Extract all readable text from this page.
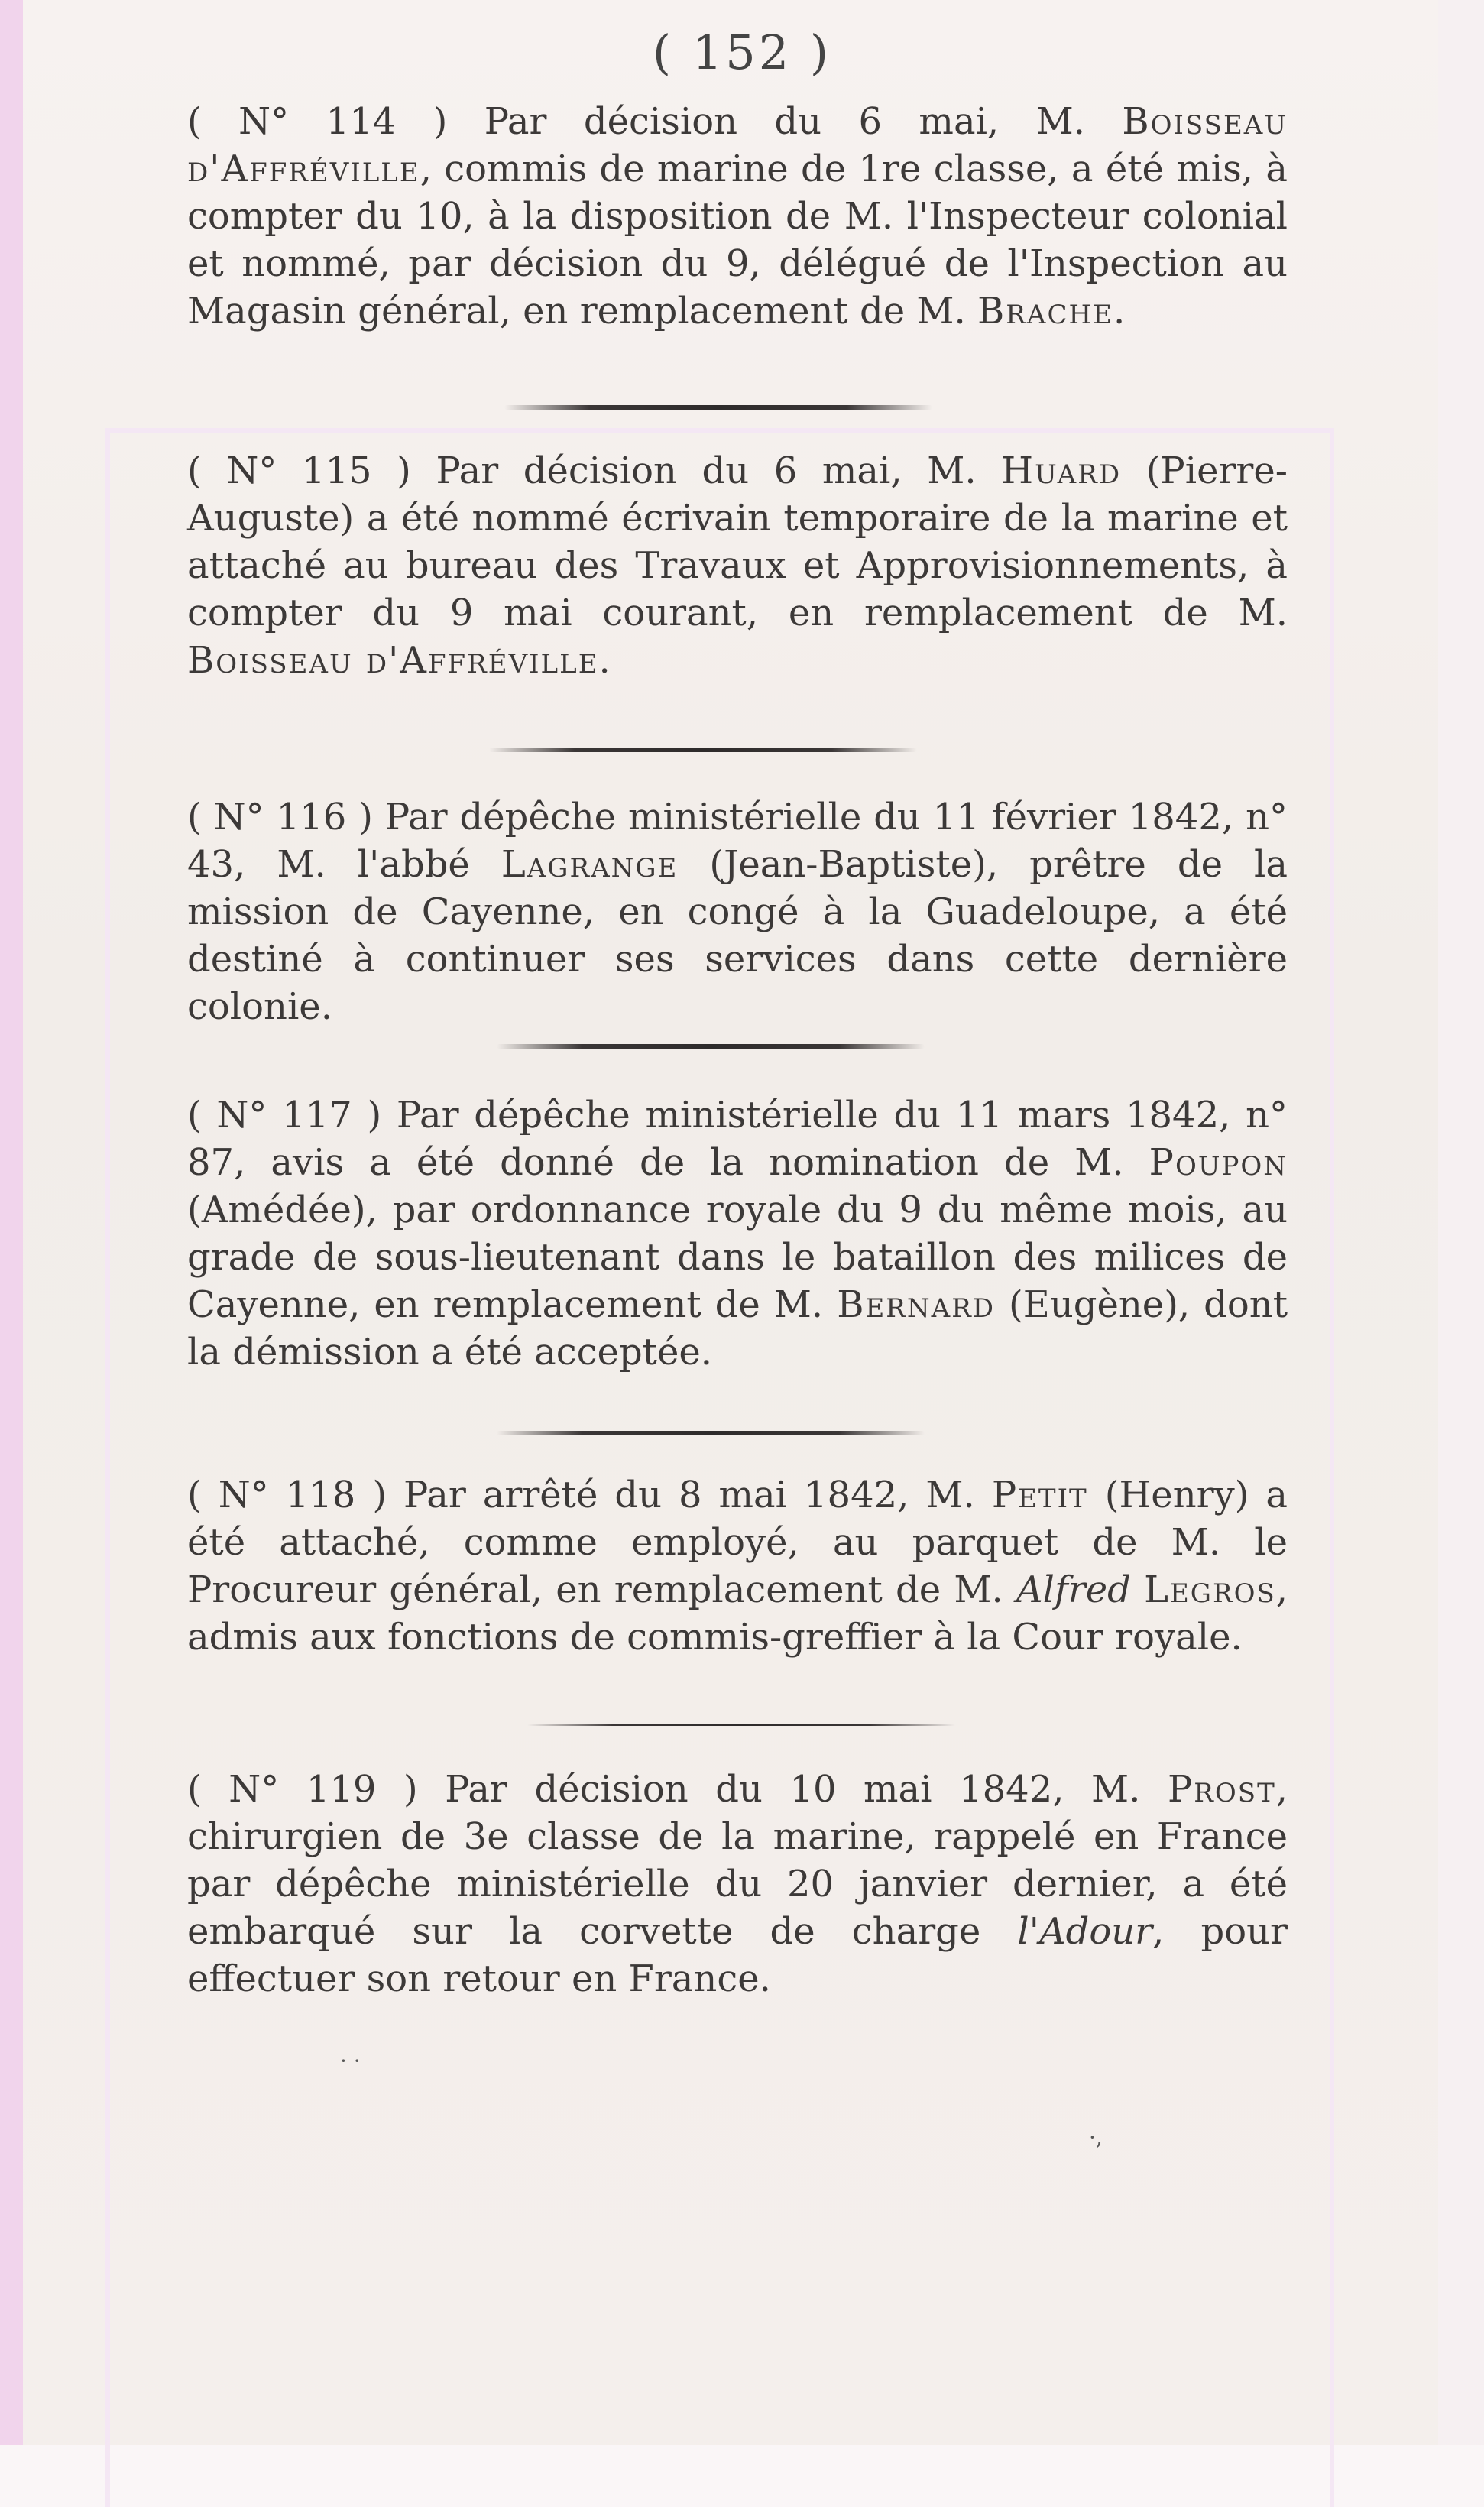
( 152 )

( N° 114 ) Par décision du 6 mai, M. Boisseau d'Affréville, commis de marine de 1re classe, a été mis, à compter du 10, à la disposition de M. l'Inspecteur colonial et nommé, par décision du 9, délégué de l'Inspection au Magasin général, en remplacement de M. Brache.

( N° 115 ) Par décision du 6 mai, M. Huard (Pierre-Auguste) a été nommé écrivain temporaire de la marine et attaché au bureau des Travaux et Approvisionnements, à compter du 9 mai courant, en remplacement de M. Boisseau d'Affréville.

( N° 116 ) Par dépêche ministérielle du 11 février 1842, n° 43, M. l'abbé Lagrange (Jean-Baptiste), prêtre de la mission de Cayenne, en congé à la Guadeloupe, a été destiné à continuer ses services dans cette dernière colonie.

( N° 117 ) Par dépêche ministérielle du 11 mars 1842, n° 87, avis a été donné de la nomination de M. Poupon (Amédée), par ordonnance royale du 9 du même mois, au grade de sous-lieutenant dans le bataillon des milices de Cayenne, en remplacement de M. Bernard (Eugène), dont la démission a été acceptée.

( N° 118 ) Par arrêté du 8 mai 1842, M. Petit (Henry) a été attaché, comme employé, au parquet de M. le Procureur général, en remplacement de M. Alfred Legros, admis aux fonctions de commis-greffier à la Cour royale.

( N° 119 ) Par décision du 10 mai 1842, M. Prost, chirurgien de 3e classe de la marine, rappelé en France par dépêche ministérielle du 20 janvier dernier, a été embarqué sur la corvette de charge l'Adour, pour effectuer son retour en France.

· ·
·,
